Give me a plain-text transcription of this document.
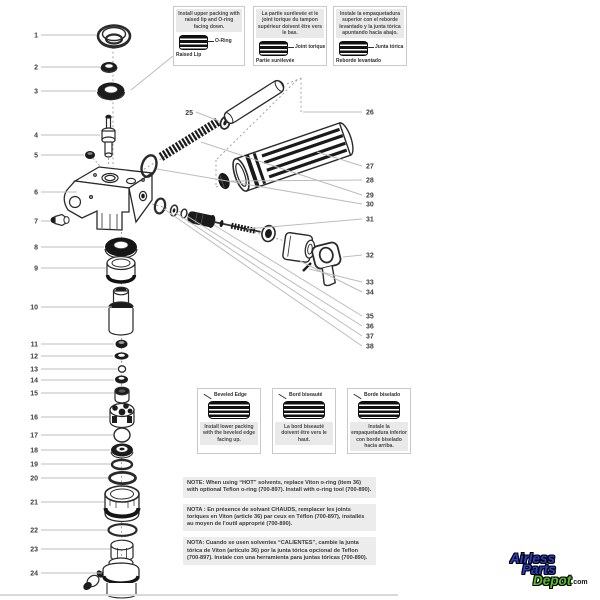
1
2
3
4
5
6
7
8
9
10
11
12
13
14
15
16
17
18
19
20
21
22
23
24
25	26
27
28
29
30
31
32
33
34
35
36
37
38
Install upper packing with raised lip and O-ring facing down.
O-Ring
Raised Lip
La partie surélevée et le joint torique du tampon supérieur doivent être vers le bas.
Joint torique
Partie surélevée
Instale la empaquetadura superior con el reborde levantado y la junta tórica apuntando hacia abajo.
Junta tórica
Reborde levantado
Beveled Edge
Install lower packing with the beveled edge facing up.
Bord biseauté
La bord biseauté doivent être vers le haut.
Borde biselado
Instale la empaquetadura inferior con borde biselado hacia arriba.
NOTE: When using “HOT” solvents, replace Viton o-ring (item 36) with optional Teflon o-ring (700-897). Install with o-ring tool (700-890).
NOTA : En présence de solvant CHAUDS, remplacer les joints toriques en Viton (article 36) par ceux en Téflon (700-897), installés au moyen de l'outil approprié (700-890).
NOTA: Cuando se usen solventes “CALIENTES”, cambie la junta tórica de Viton (artículo 36) por la junta tórica opcional de Teflon (700-897). Instale con una herramienta para juntas tóricas (700-890).	Airless
Parts
Depot.com
